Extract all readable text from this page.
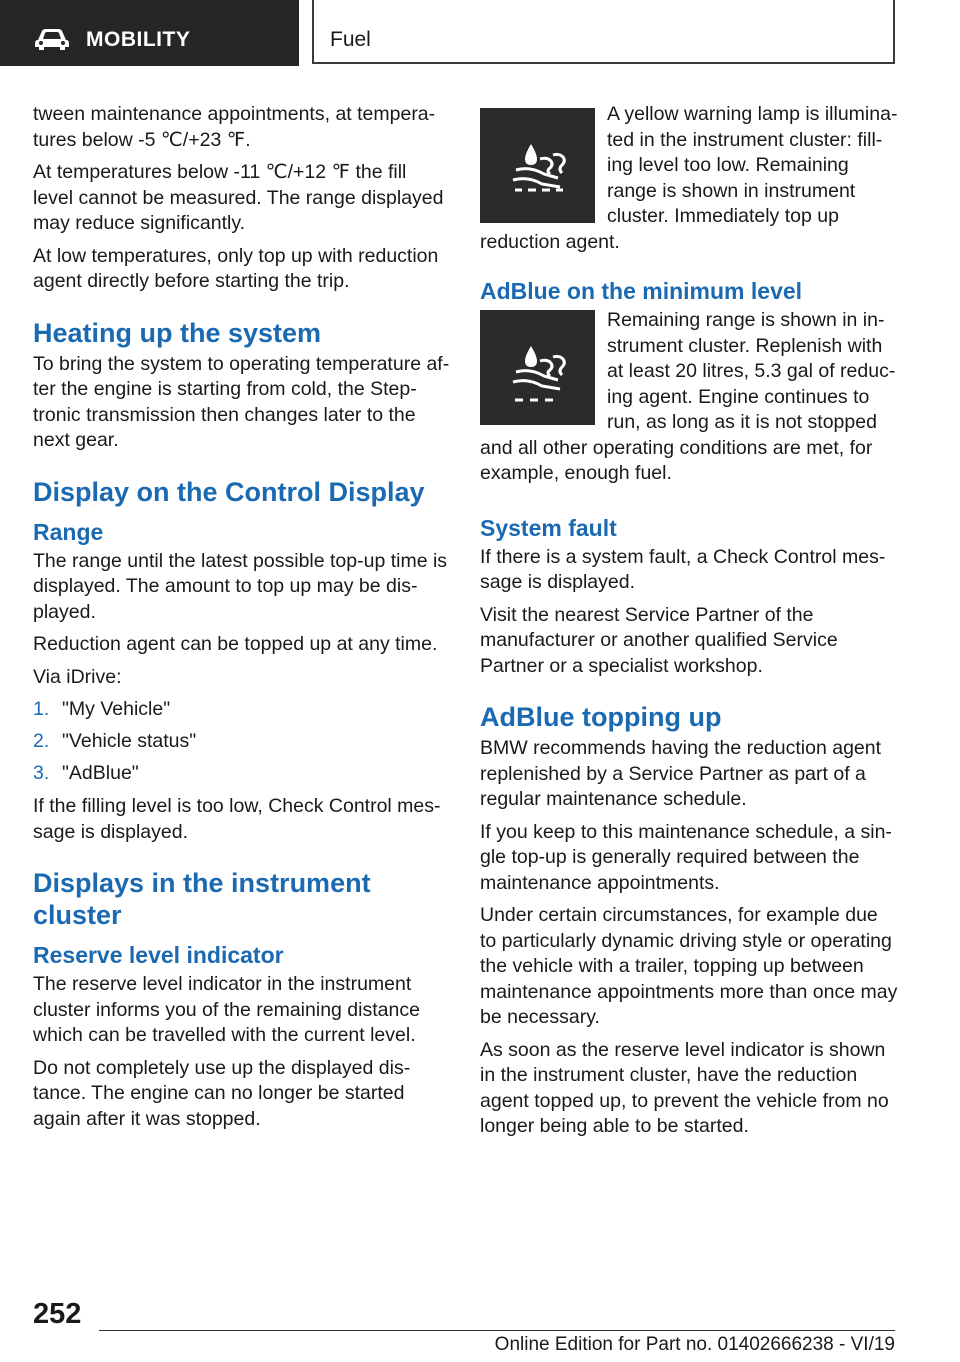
MOBILITY	Fuel

tween maintenance appointments, at temperatures below -5 ℃/+23 ℉.

At temperatures below -11 ℃/+12 ℉ the fill level cannot be measured. The range displayed may reduce significantly.

At low temperatures, only top up with reduction agent directly before starting the trip.

Heating up the system

To bring the system to operating temperature after the engine is starting from cold, the Steptronic transmission then changes later to the next gear.

Display on the Control Display
Range

The range until the latest possible top-up time is displayed. The amount to top up may be displayed.

Reduction agent can be topped up at any time.

Via iDrive:

1. "My Vehicle"
2. "Vehicle status"
3. "AdBlue"

If the filling level is too low, Check Control message is displayed.

Displays in the instrument cluster
Reserve level indicator

The reserve level indicator in the instrument cluster informs you of the remaining distance which can be travelled with the current level.

Do not completely use up the displayed distance. The engine can no longer be started again after it was stopped.

A yellow warning lamp is illuminated in the instrument cluster: filling level too low. Remaining range is shown in instrument cluster. Immediately top up reduction agent.

AdBlue on the minimum level

Remaining range is shown in instrument cluster. Replenish with at least 20 litres, 5.3 gal of reducing agent. Engine continues to run, as long as it is not stopped and all other operating conditions are met, for example, enough fuel.

System fault

If there is a system fault, a Check Control message is displayed.

Visit the nearest Service Partner of the manufacturer or another qualified Service Partner or a specialist workshop.

AdBlue topping up

BMW recommends having the reduction agent replenished by a Service Partner as part of a regular maintenance schedule.

If you keep to this maintenance schedule, a single top-up is generally required between the maintenance appointments.

Under certain circumstances, for example due to particularly dynamic driving style or operating the vehicle with a trailer, topping up between maintenance appointments more than once may be necessary.

As soon as the reserve level indicator is shown in the instrument cluster, have the reduction agent topped up, to prevent the vehicle from no longer being able to be started.

252
Online Edition for Part no. 01402666238 - VI/19
